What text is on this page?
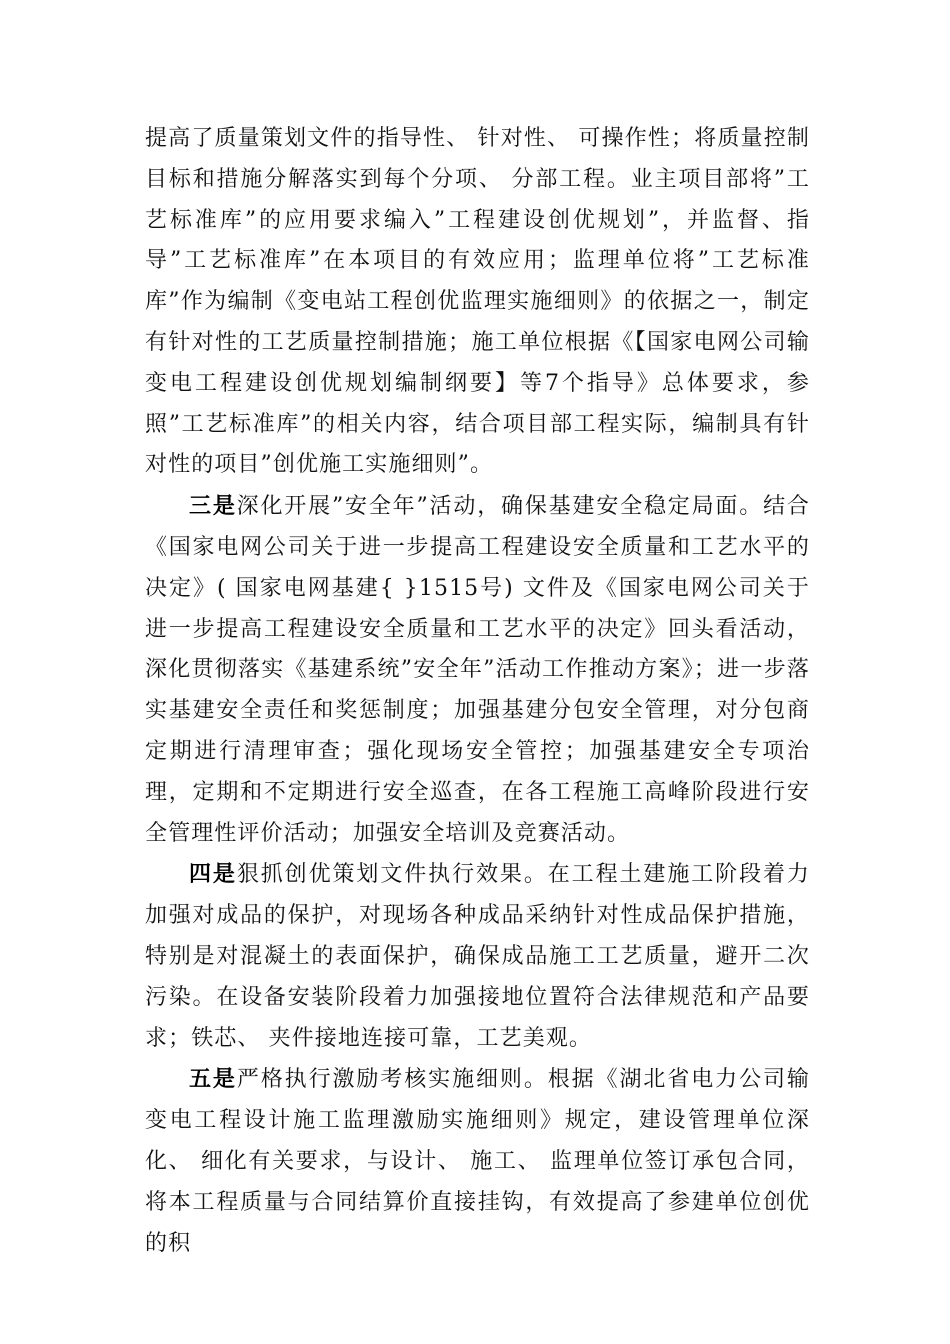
提高了质量策划文件的指导性、 针对性、 可操作性；将质量控制目标和措施分解落实到每个分项、 分部工程。业主项目部将”工艺标准库”的应用要求编入”工程建设创优规划”，并监督、指导”工艺标准库”在本项目的有效应用；监理单位将”工艺标准库”作为编制《变电站工程创优监理实施细则》的依据之一，制定有针对性的工艺质量控制措施；施工单位根据《【国家电网公司输变电工程建设创优规划编制纲要】等7个指导》总体要求，参照”工艺标准库”的相关内容，结合项目部工程实际，编制具有针对性的项目”创优施工实施细则”。

三是深化开展”安全年”活动，确保基建安全稳定局面。结合《国家电网公司关于进一步提高工程建设安全质量和工艺水平的决定》( 国家电网基建{ }1515号) 文件及《国家电网公司关于进一步提高工程建设安全质量和工艺水平的决定》回头看活动，深化贯彻落实《基建系统”安全年”活动工作推动方案》；进一步落实基建安全责任和奖惩制度；加强基建分包安全管理，对分包商定期进行清理审查；强化现场安全管控；加强基建安全专项治理，定期和不定期进行安全巡查，在各工程施工高峰阶段进行安全管理性评价活动；加强安全培训及竞赛活动。

四是狠抓创优策划文件执行效果。在工程土建施工阶段着力加强对成品的保护，对现场各种成品采纳针对性成品保护措施，特别是对混凝土的表面保护，确保成品施工工艺质量，避开二次污染。在设备安装阶段着力加强接地位置符合法律规范和产品要求；铁芯、 夹件接地连接可靠，工艺美观。

五是严格执行激励考核实施细则。根据《湖北省电力公司输变电工程设计施工监理激励实施细则》规定，建设管理单位深化、 细化有关要求，与设计、 施工、 监理单位签订承包合同，将本工程质量与合同结算价直接挂钩，有效提高了参建单位创优的积
